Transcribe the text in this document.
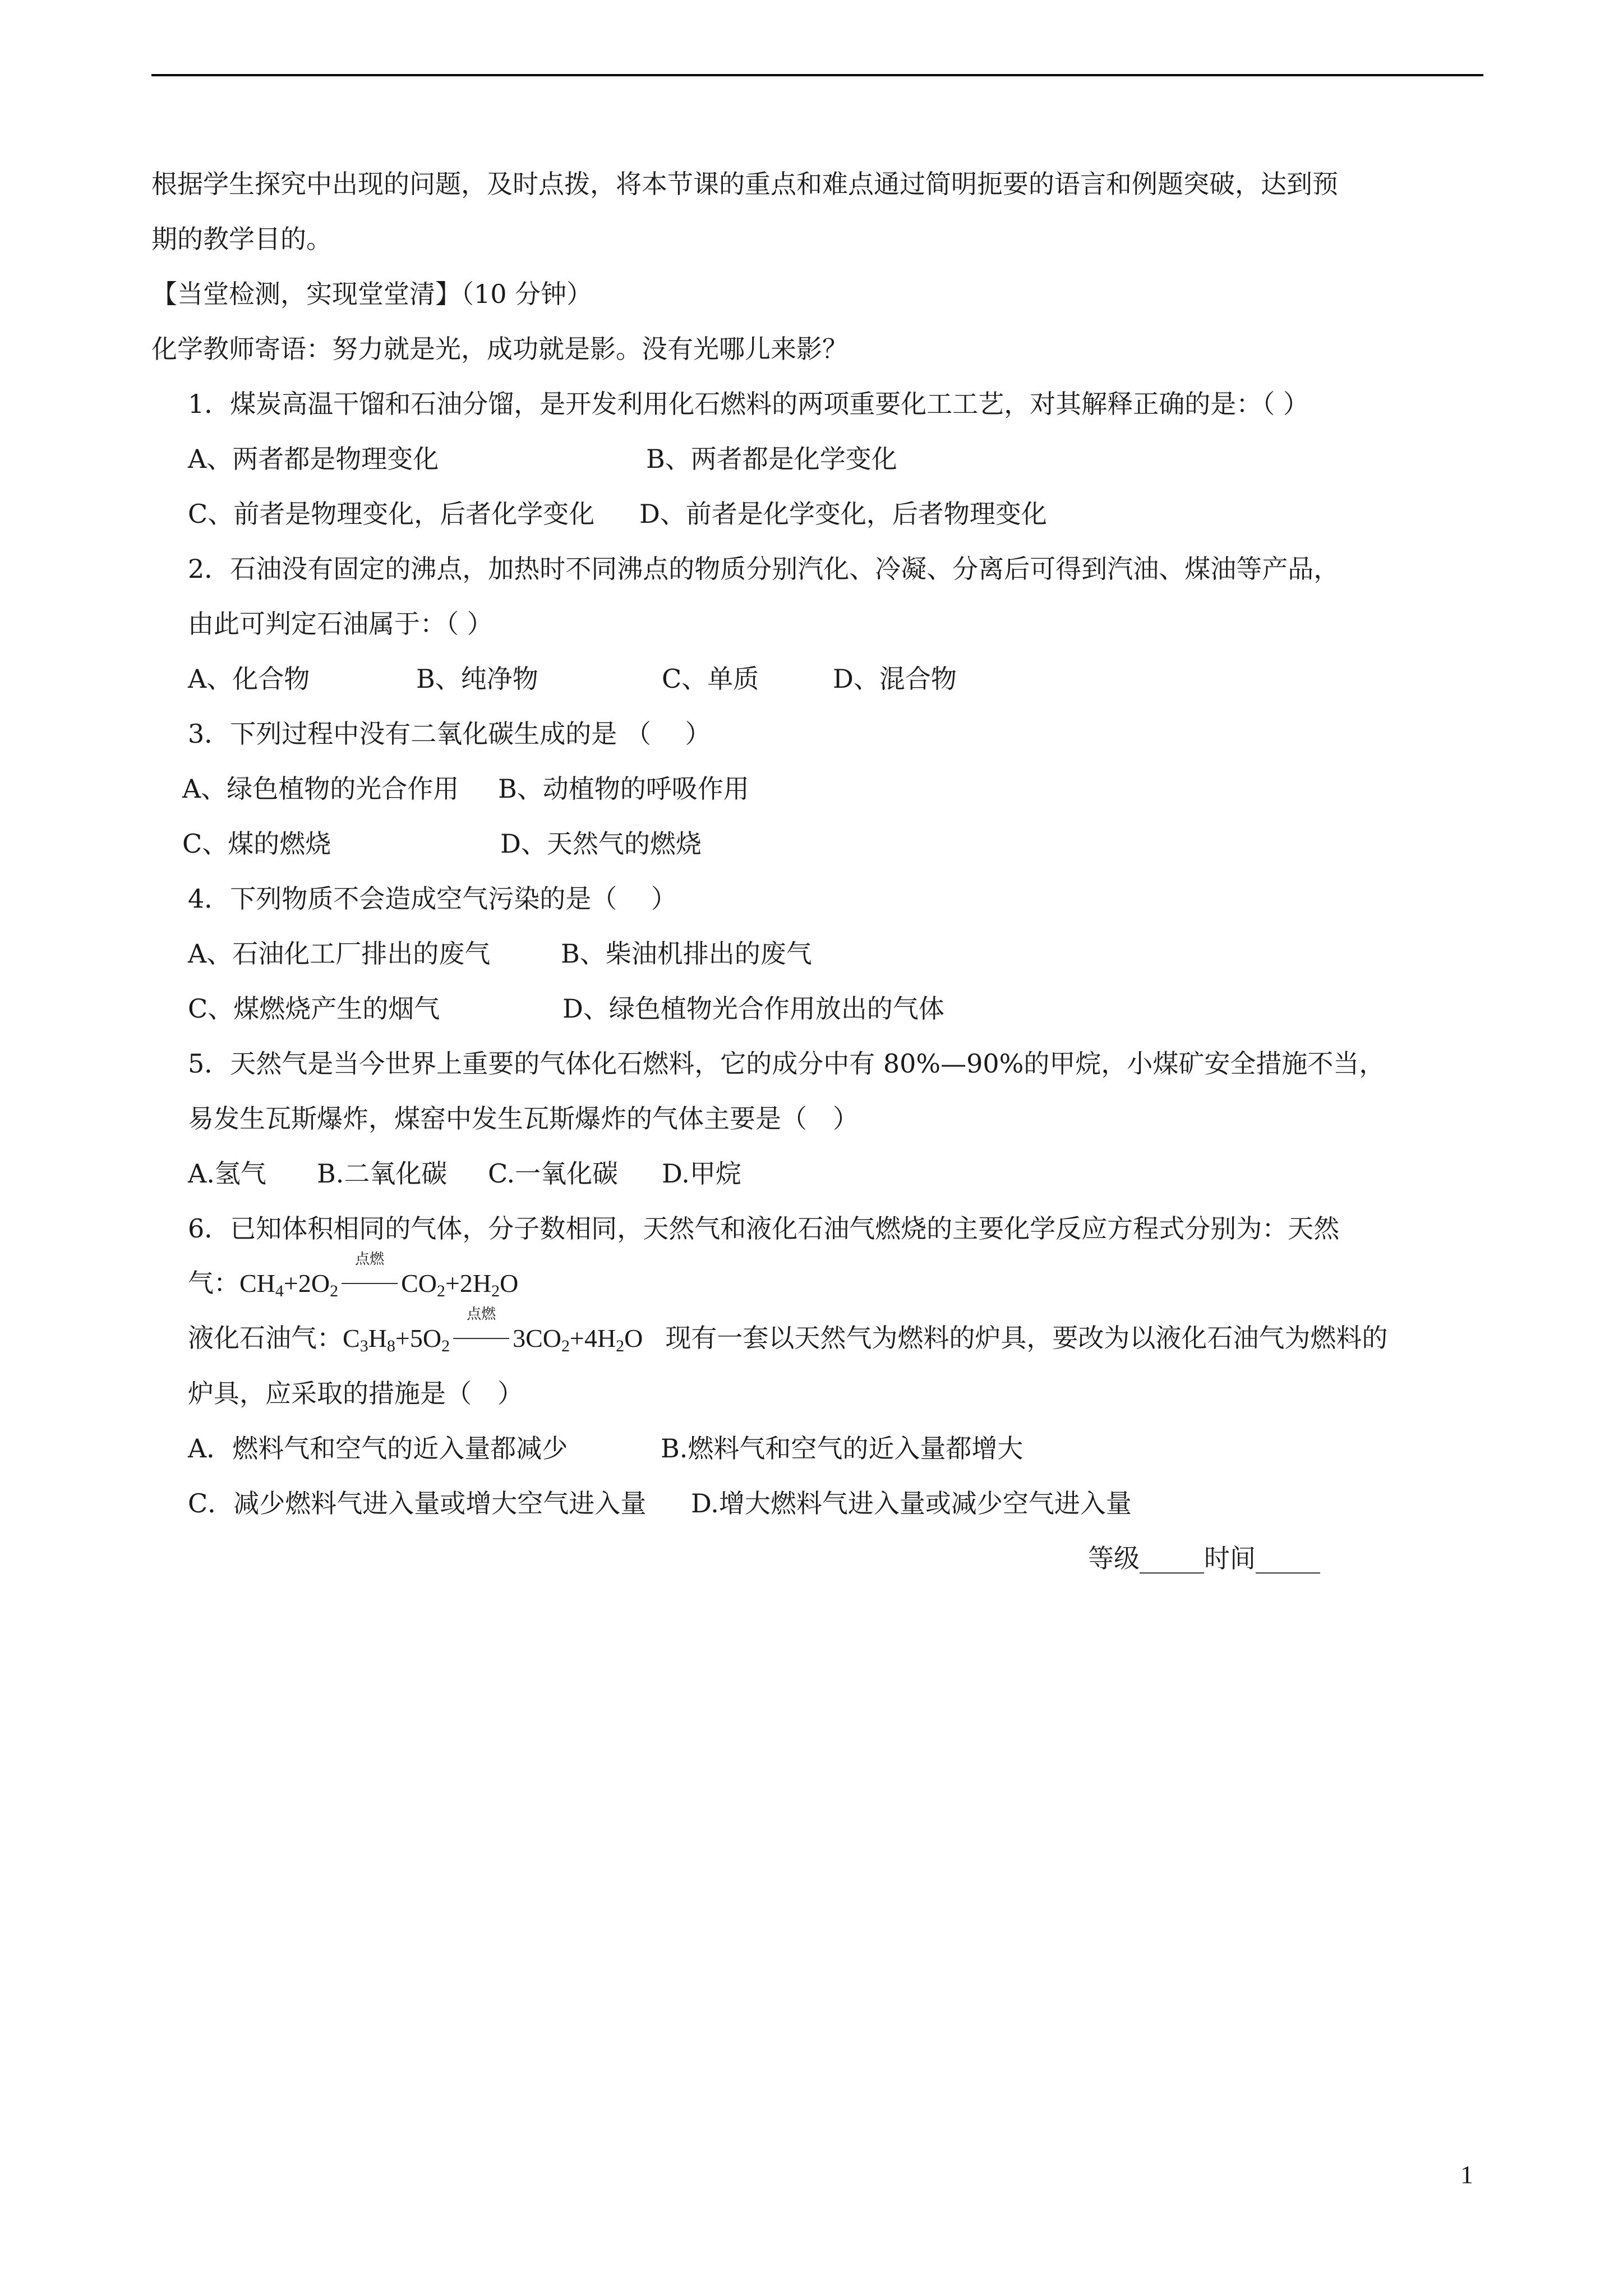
根据学生探究中出现的问题，及时点拨，将本节课的重点和难点通过简明扼要的语言和例题突破，达到预
期的教学目的。
【当堂检测，实现堂堂清】（10 分钟）
化学教师寄语：努力就是光，成功就是影。没有光哪儿来影？
1．煤炭高温干馏和石油分馏，是开发利用化石燃料的两项重要化工工艺，对其解释正确的是：（ ）
A、两者都是物理变化	B、两者都是化学变化
C、前者是物理变化，后者化学变化 D、前者是化学变化，后者物理变化
2．石油没有固定的沸点，加热时不同沸点的物质分别汽化、冷凝、分离后可得到汽油、煤油等产品，
由此可判定石油属于：（ ）
A、化合物	B、纯净物	C、单质	D、混合物
3．下列过程中没有二氧化碳生成的是 （　 ）
A、绿色植物的光合作用 B、动植物的呼吸作用
C、煤的燃烧	D、天然气的燃烧
4．下列物质不会造成空气污染的是（　 ）
A、石油化工厂排出的废气	B、柴油机排出的废气
C、煤燃烧产生的烟气	D、绿色植物光合作用放出的气体
5．天然气是当今世界上重要的气体化石燃料，它的成分中有 80%—90%的甲烷，小煤矿安全措施不当，
易发生瓦斯爆炸，煤窑中发生瓦斯爆炸的气体主要是（　）
A.氢气 B.二氧化碳 C.一氧化碳 D.甲烷
6．已知体积相同的气体，分子数相同，天然气和液化石油气燃烧的主要化学反应方程式分别为：天然
气：$CH_4+2O_2$
点燃
$CO_2+2H_2O$
液化石油气：$C_3H_8+5O_2$
点燃
$3CO_2+4H_2O$ 现有一套以天然气为燃料的炉具，要改为以液化石油气为燃料的
炉具，应采取的措施是（　）
A．燃料气和空气的近入量都减少	B.燃料气和空气的近入量都增大
C．减少燃料气进入量或增大空气进入量 D.增大燃料气进入量或减少空气进入量
等级_____时间_____
1
